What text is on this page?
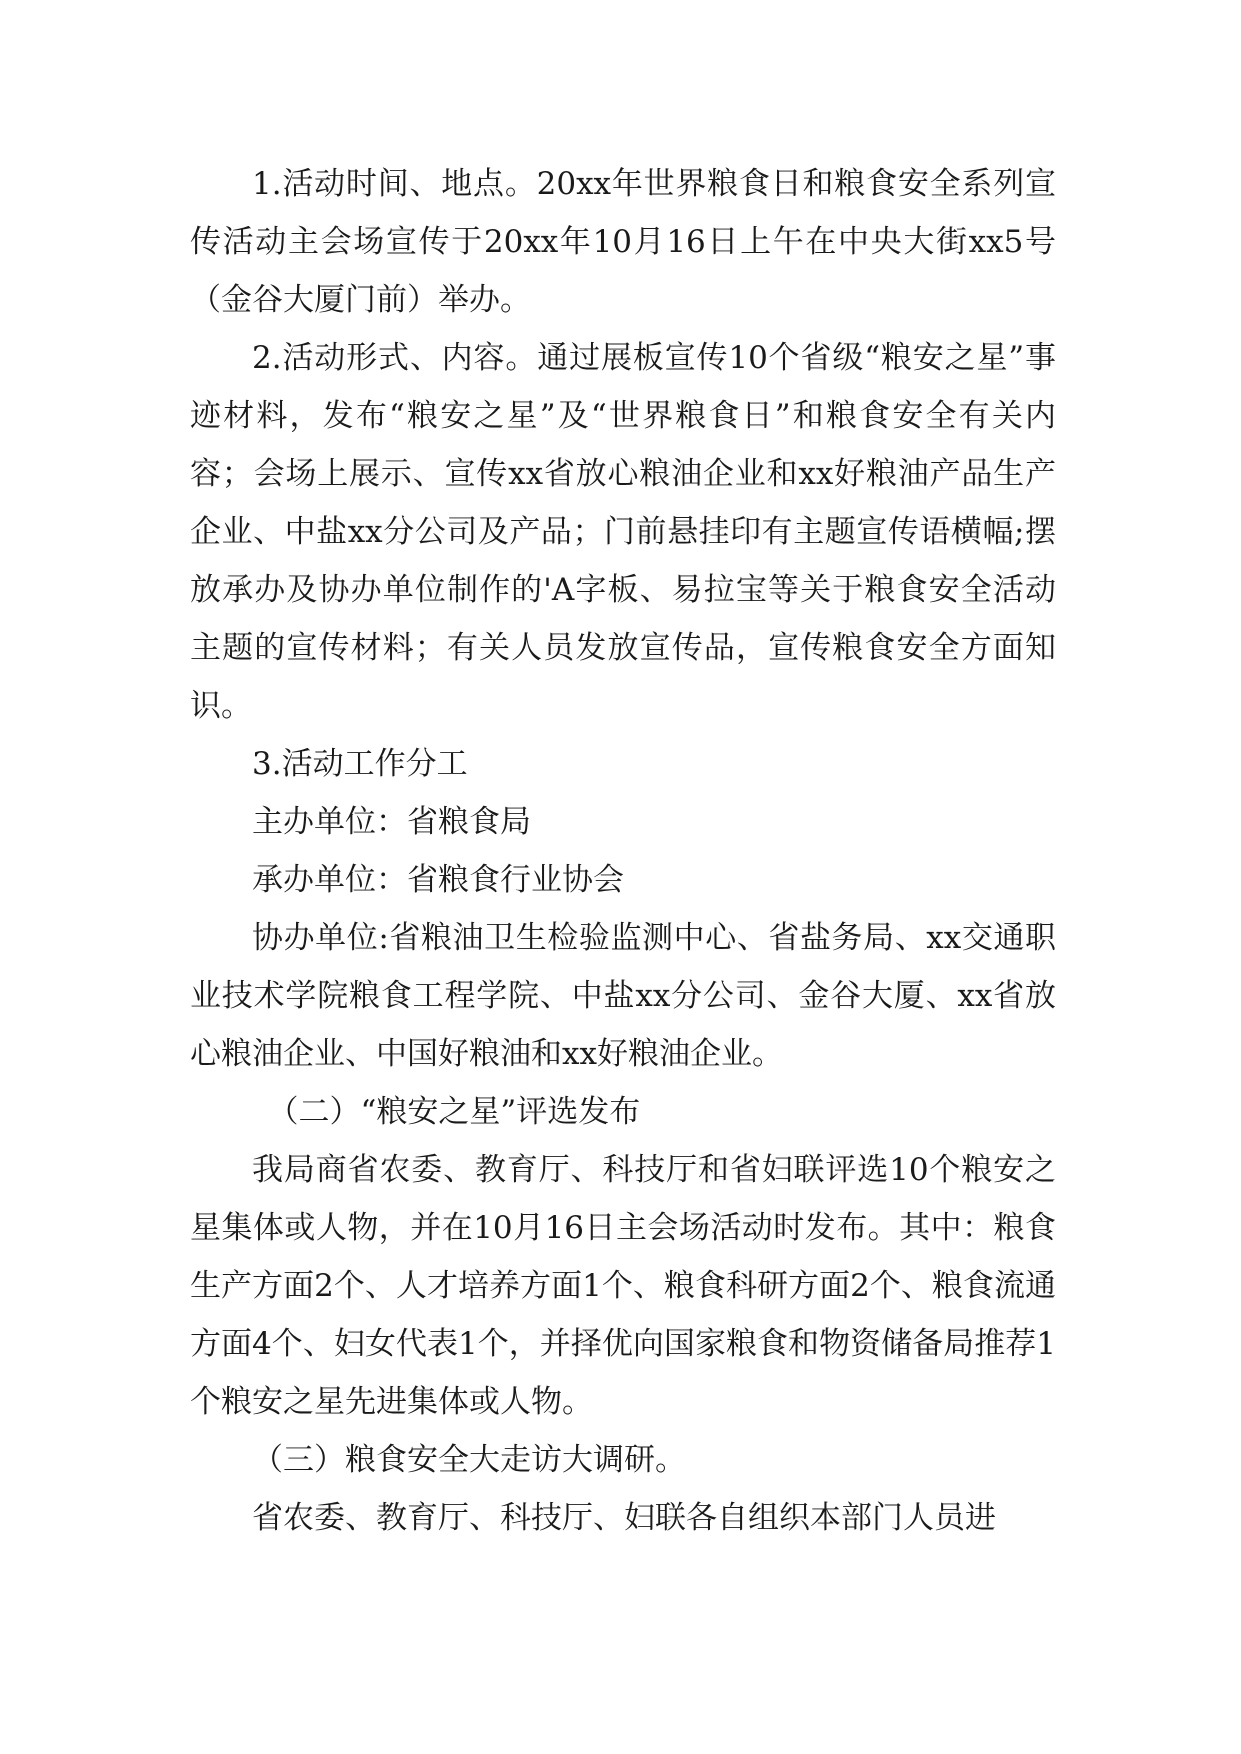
1.活动时间、地点。20xx年世界粮食日和粮食安全系列宣传活动主会场宣传于20xx年10月16日上午在中央大街xx5号（金谷大厦门前）举办。

2.活动形式、内容。通过展板宣传10个省级“粮安之星”事迹材料，发布“粮安之星”及“世界粮食日”和粮食安全有关内容；会场上展示、宣传xx省放心粮油企业和xx好粮油产品生产企业、中盐xx分公司及产品；门前悬挂印有主题宣传语横幅;摆放承办及协办单位制作的'A字板、易拉宝等关于粮食安全活动主题的宣传材料；有关人员发放宣传品，宣传粮食安全方面知识。

3.活动工作分工

主办单位：省粮食局

承办单位：省粮食行业协会

协办单位:省粮油卫生检验监测中心、省盐务局、xx交通职业技术学院粮食工程学院、中盐xx分公司、金谷大厦、xx省放心粮油企业、中国好粮油和xx好粮油企业。

（二）“粮安之星”评选发布

我局商省农委、教育厅、科技厅和省妇联评选10个粮安之星集体或人物，并在10月16日主会场活动时发布。其中：粮食生产方面2个、人才培养方面1个、粮食科研方面2个、粮食流通方面4个、妇女代表1个，并择优向国家粮食和物资储备局推荐1个粮安之星先进集体或人物。

（三）粮食安全大走访大调研。

省农委、教育厅、科技厅、妇联各自组织本部门人员进
